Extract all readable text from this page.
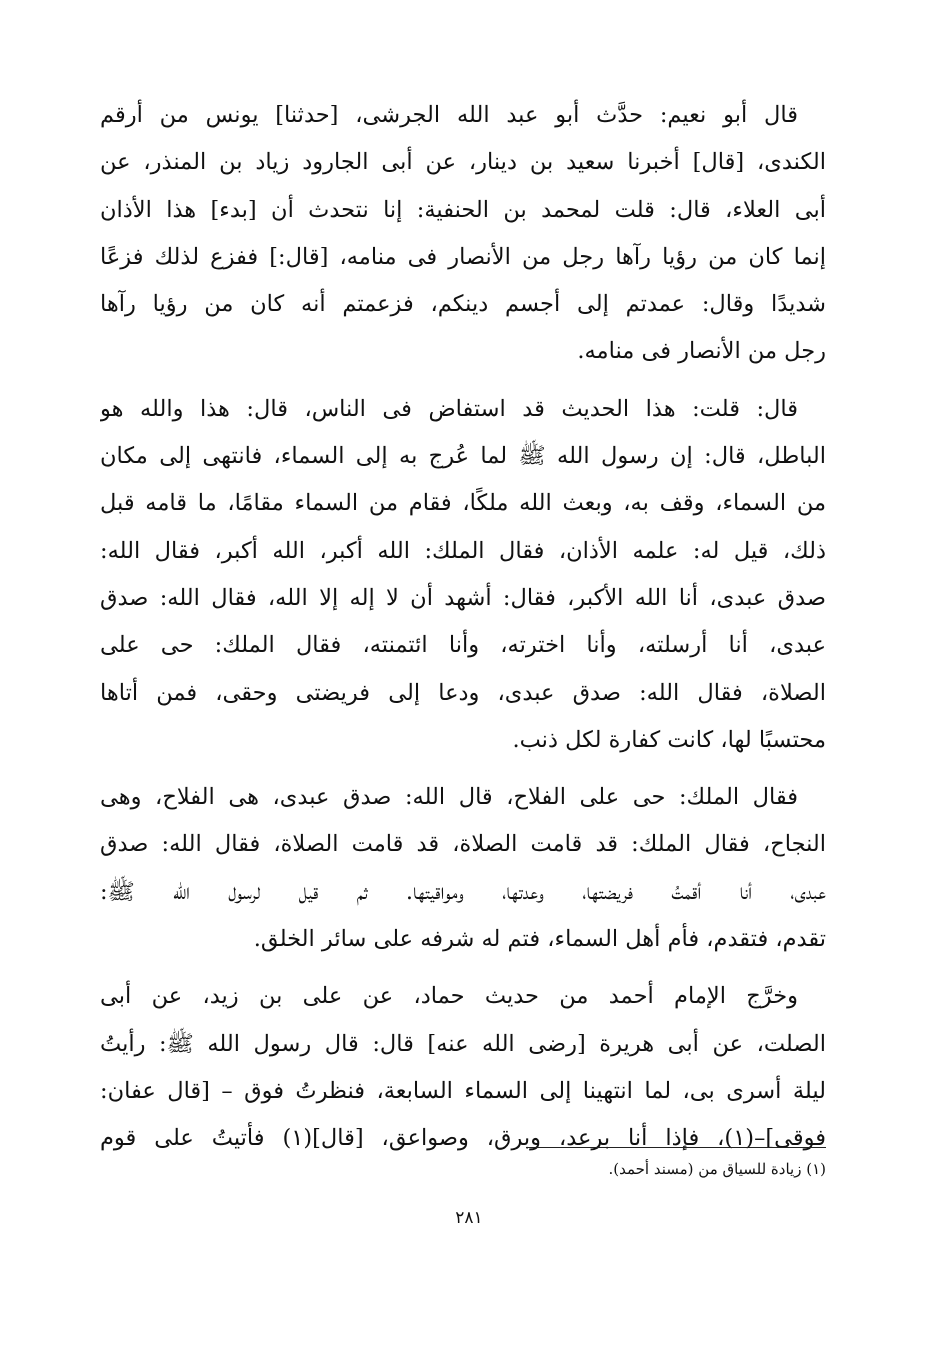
قال أبو نعيم: حدَّث أبو عبد الله الجرشى، [حدثنا] يونس من أرقم
الكندى، [قال] أخبرنا سعيد بن دينار، عن أبى الجارود زياد بن المنذر، عن
أبى العلاء، قال: قلت لمحمد بن الحنفية: إنا نتحدث أن [بدء] هذا الأذان
إنما كان من رؤيا رآها رجل من الأنصار فى منامه، [قال:] ففزع لذلك فزعًا
شديدًا وقال: عمدتم إلى أجسم دينكم، فزعمتم أنه كان من رؤيا رآها
رجل من الأنصار فى منامه.
قال: قلت: هذا الحديث قد استفاض فى الناس، قال: هذا والله هو
الباطل، قال: إن رسول الله ﷺ لما عُرج به إلى السماء، فانتهى إلى مكان
من السماء، وقف به، وبعث الله ملكًا، فقام من السماء مقامًا، ما قامه قبل
ذلك، قيل له: علمه الأذان، فقال الملك: الله أكبر، الله أكبر، فقال الله:
صدق عبدى، أنا الله الأكبر، فقال: أشهد أن لا إله إلا الله، فقال الله: صدق
عبدى، أنا أرسلته، وأنا اخترته، وأنا ائتمنته، فقال الملك: حى على
الصلاة، فقال الله: صدق عبدى، ودعا إلى فريضتى وحقى، فمن أتاها
محتسبًا لها، كانت كفارة لكل ذنب.
فقال الملك: حى على الفلاح، قال الله: صدق عبدى، هى الفلاح، وهى
النجاح، فقال الملك: قد قامت الصلاة، قد قامت الصلاة، فقال الله: صدق
عبدى، أنا أقمتُ فريضتها، وعدتها، ومواقيتها. ثم قيل لرسول الله ﷺ:
تقدم، فتقدم، فأم أهل السماء، فتم له شرفه على سائر الخلق.
وخرَّج الإمام أحمد من حديث حماد، عن على بن زيد، عن أبى
الصلت، عن أبى هريرة [رضى الله عنه] قال: قال رسول الله ﷺ: رأيتُ
ليلة أسرى بى، لما انتهينا إلى السماء السابعة، فنظرتُ فوق – [قال عفان:
فوقى]–(١)، فإذا أنا برعد، وبرق، وصواعق، [قال](١) فأتيتُ على قوم
(١) زيادة للسياق من (مسند أحمد).
٢٨١
